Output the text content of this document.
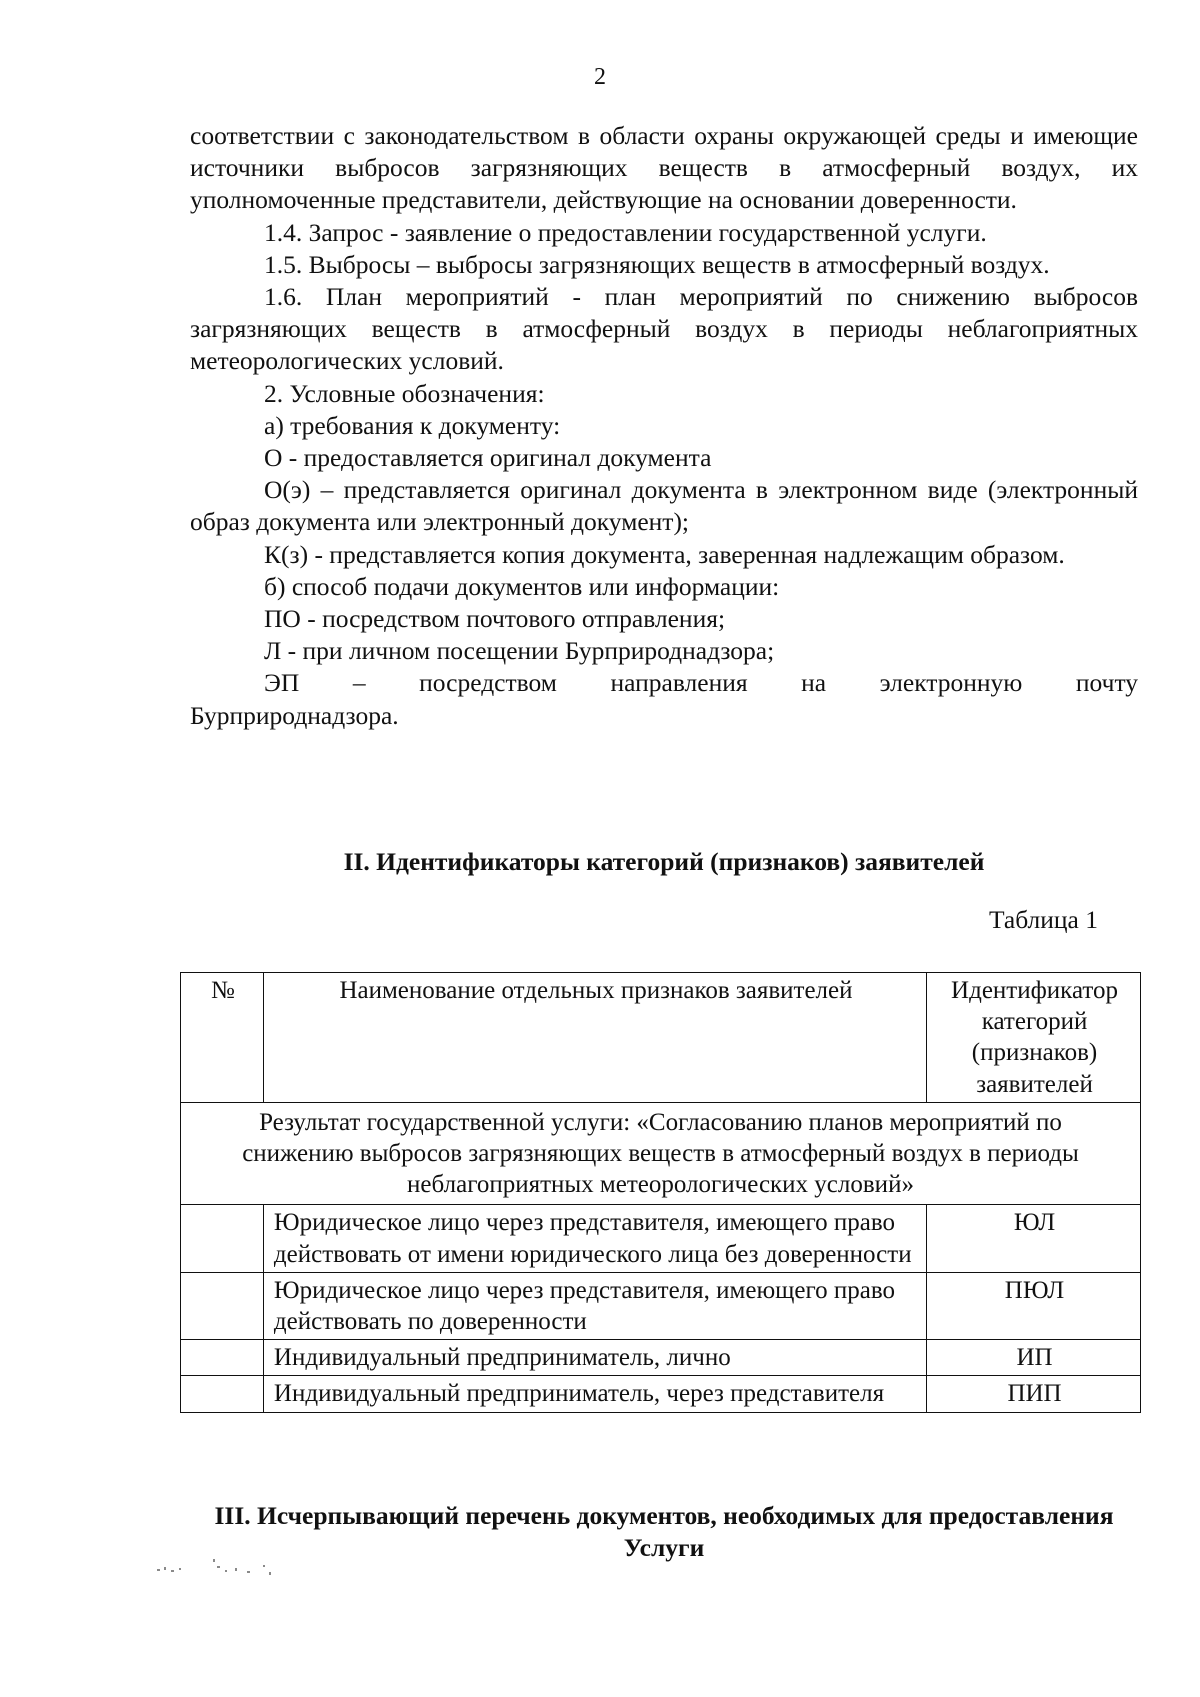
2

соответствии с законодательством в области охраны окружающей среды и имеющие источники выбросов загрязняющих веществ в атмосферный воздух, их уполномоченные представители, действующие на основании доверенности.

1.4. Запрос - заявление о предоставлении государственной услуги.

1.5. Выбросы – выбросы загрязняющих веществ в атмосферный воздух.

1.6. План мероприятий - план мероприятий по снижению выбросов загрязняющих веществ в атмосферный воздух в периоды неблагоприятных метеорологических условий.

2. Условные обозначения:

а) требования к документу:

О - предоставляется оригинал документа

О(э) – представляется оригинал документа в электронном виде (электронный образ документа или электронный документ);

К(з) - представляется копия документа, заверенная надлежащим образом.

б) способ подачи документов или информации:

ПО - посредством почтового отправления;

Л - при личном посещении Бурприроднадзора;

ЭП – посредством направления на электронную почту

Бурприроднадзора.

II. Идентификаторы категорий (признаков) заявителей
Таблица 1
№	Наименование отдельных признаков заявителей	Идентификатор категорий (признаков) заявителей
Результат государственной услуги: «Согласованию планов мероприятий по снижению выбросов загрязняющих веществ в атмосферный воздух в периоды неблагоприятных метеорологических условий»		
	Юридическое лицо через представителя, имеющего право действовать от имени юридического лица без доверенности	ЮЛ
	Юридическое лицо через представителя, имеющего право действовать по доверенности	ПЮЛ
	Индивидуальный предприниматель, лично	ИП
	Индивидуальный предприниматель, через представителя	ПИП
III. Исчерпывающий перечень документов, необходимых для предоставления Услуги
